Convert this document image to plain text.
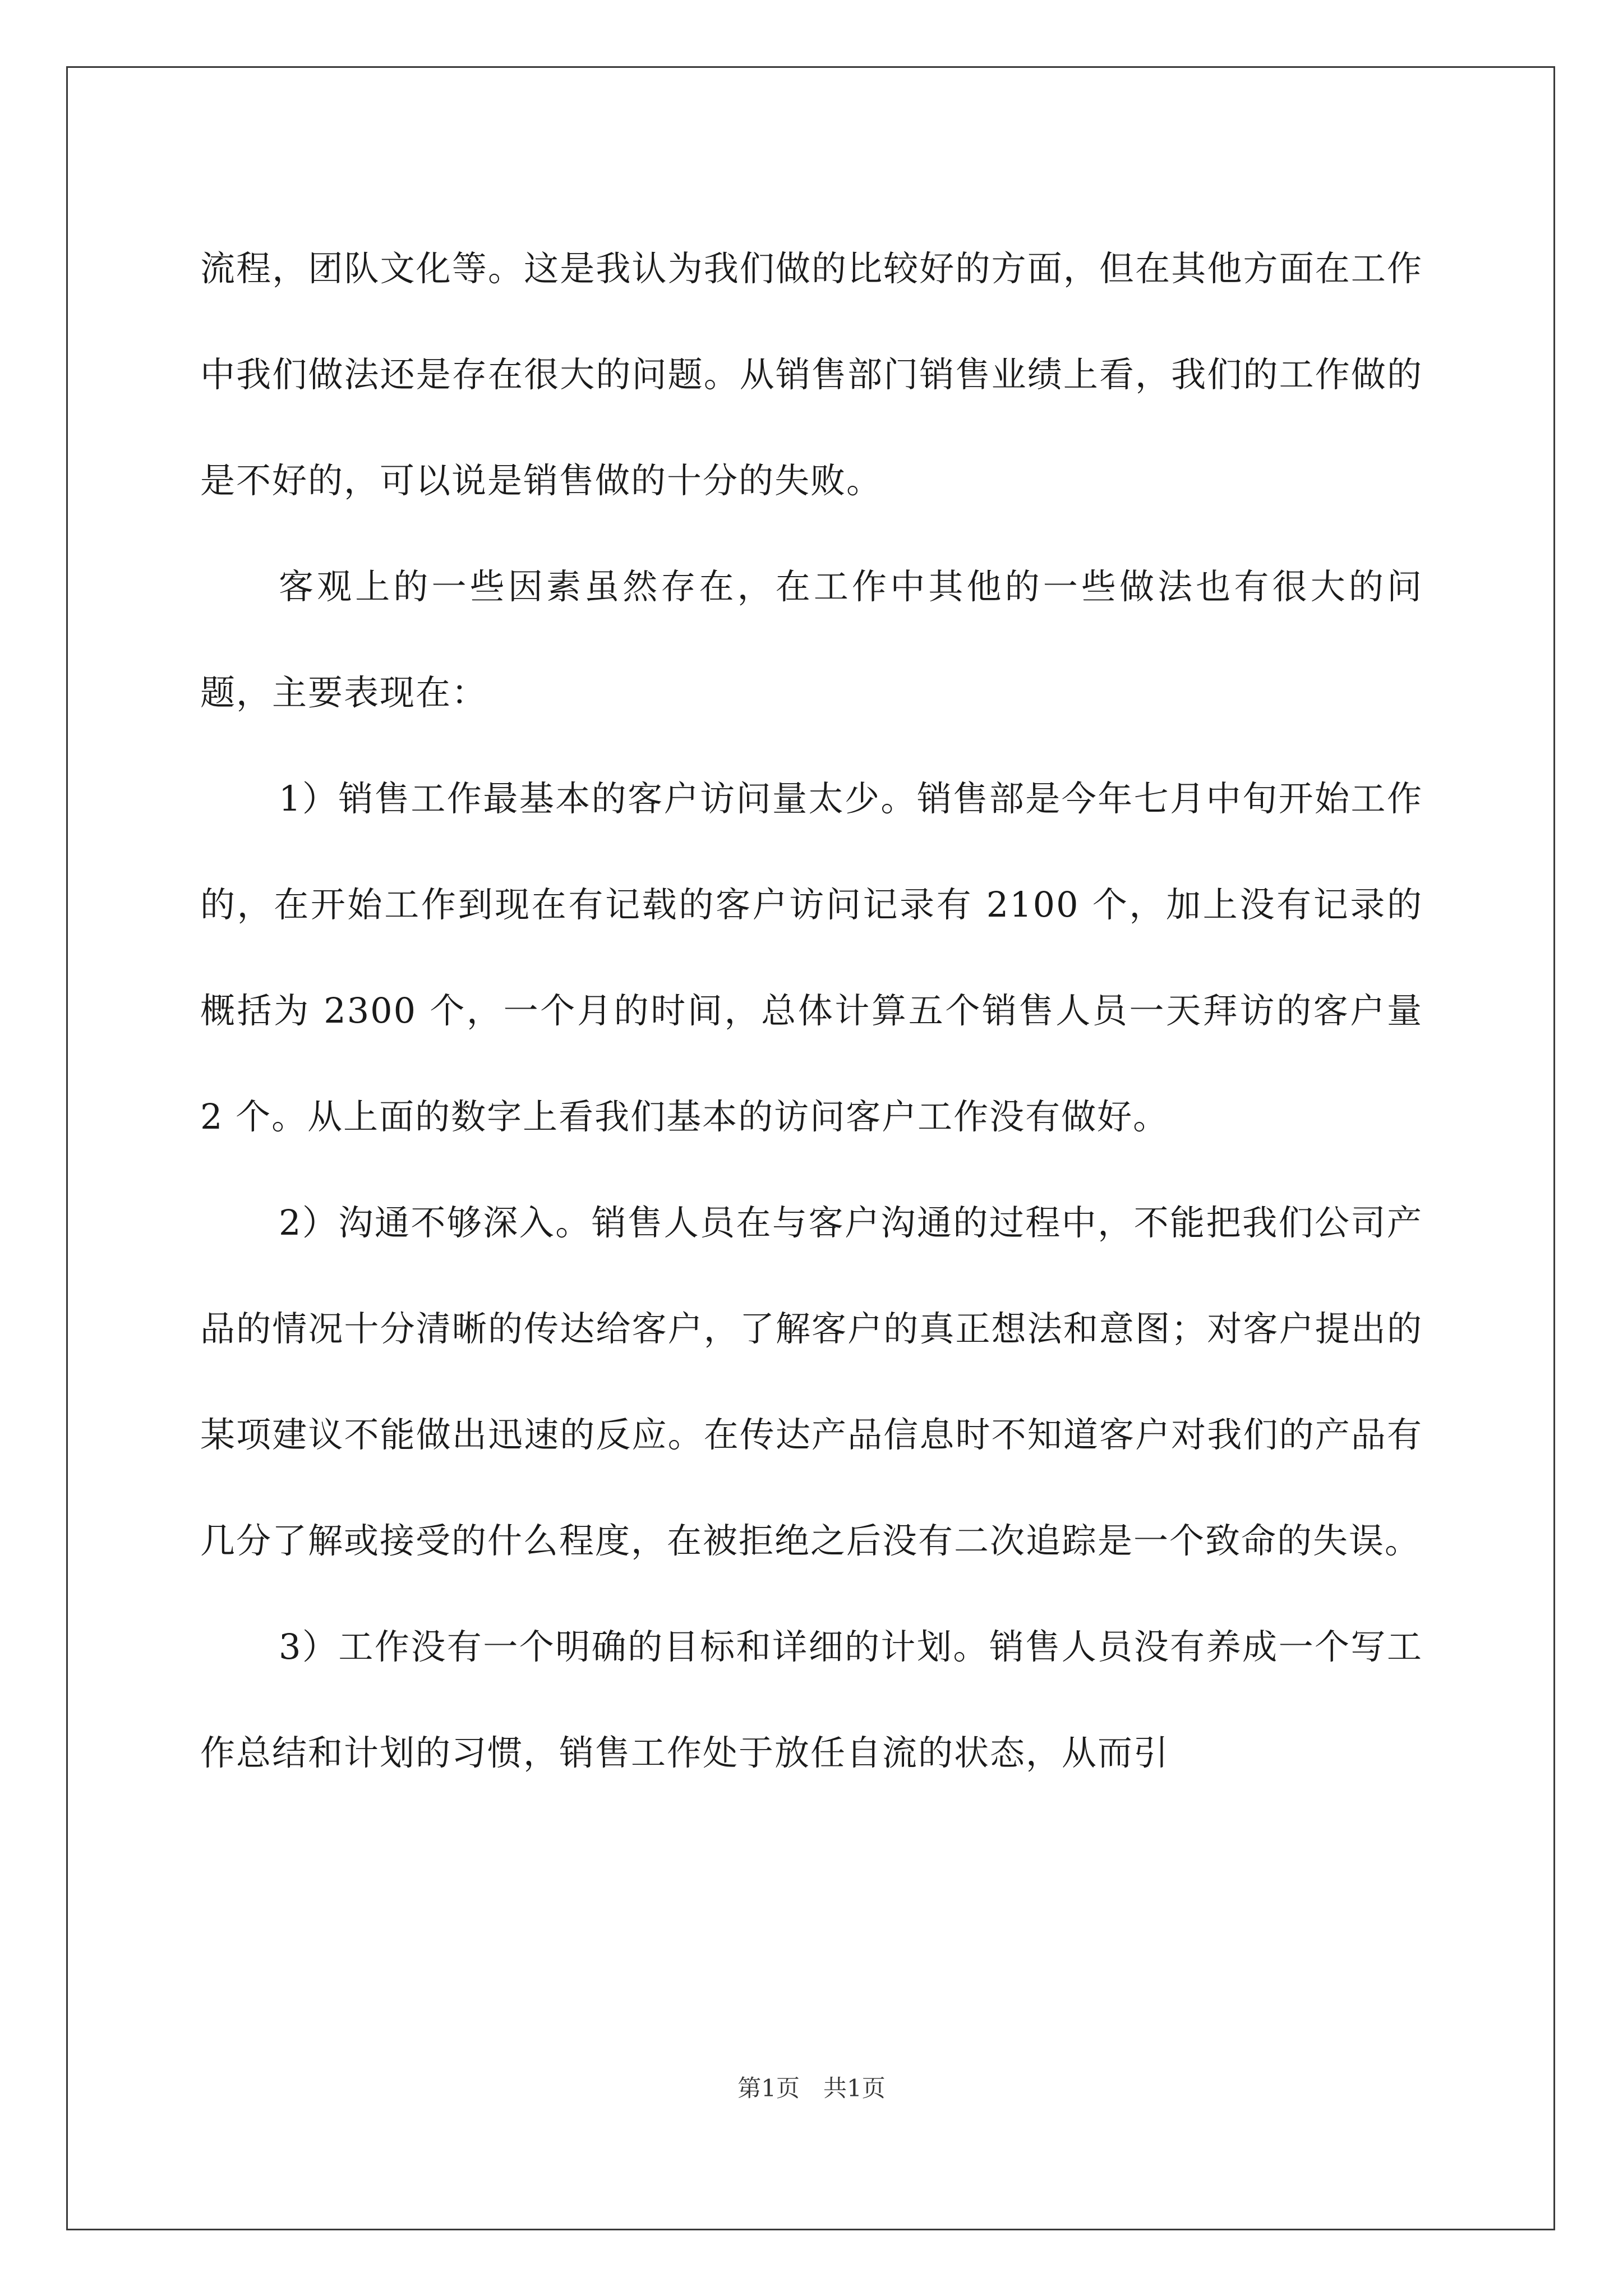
流程，团队文化等。这是我认为我们做的比较好的方面，但在其他方面在工作中我们做法还是存在很大的问题。从销售部门销售业绩上看，我们的工作做的是不好的，可以说是销售做的十分的失败。

客观上的一些因素虽然存在，在工作中其他的一些做法也有很大的问题，主要表现在：

1）销售工作最基本的客户访问量太少。销售部是今年七月中旬开始工作的，在开始工作到现在有记载的客户访问记录有 2100 个，加上没有记录的概括为 2300 个，一个月的时间，总体计算五个销售人员一天拜访的客户量 2 个。从上面的数字上看我们基本的访问客户工作没有做好。

2）沟通不够深入。销售人员在与客户沟通的过程中，不能把我们公司产品的情况十分清晰的传达给客户，了解客户的真正想法和意图；对客户提出的某项建议不能做出迅速的反应。在传达产品信息时不知道客户对我们的产品有几分了解或接受的什么程度，在被拒绝之后没有二次追踪是一个致命的失误。

3）工作没有一个明确的目标和详细的计划。销售人员没有养成一个写工作总结和计划的习惯，销售工作处于放任自流的状态，从而引

第1页　共1页
